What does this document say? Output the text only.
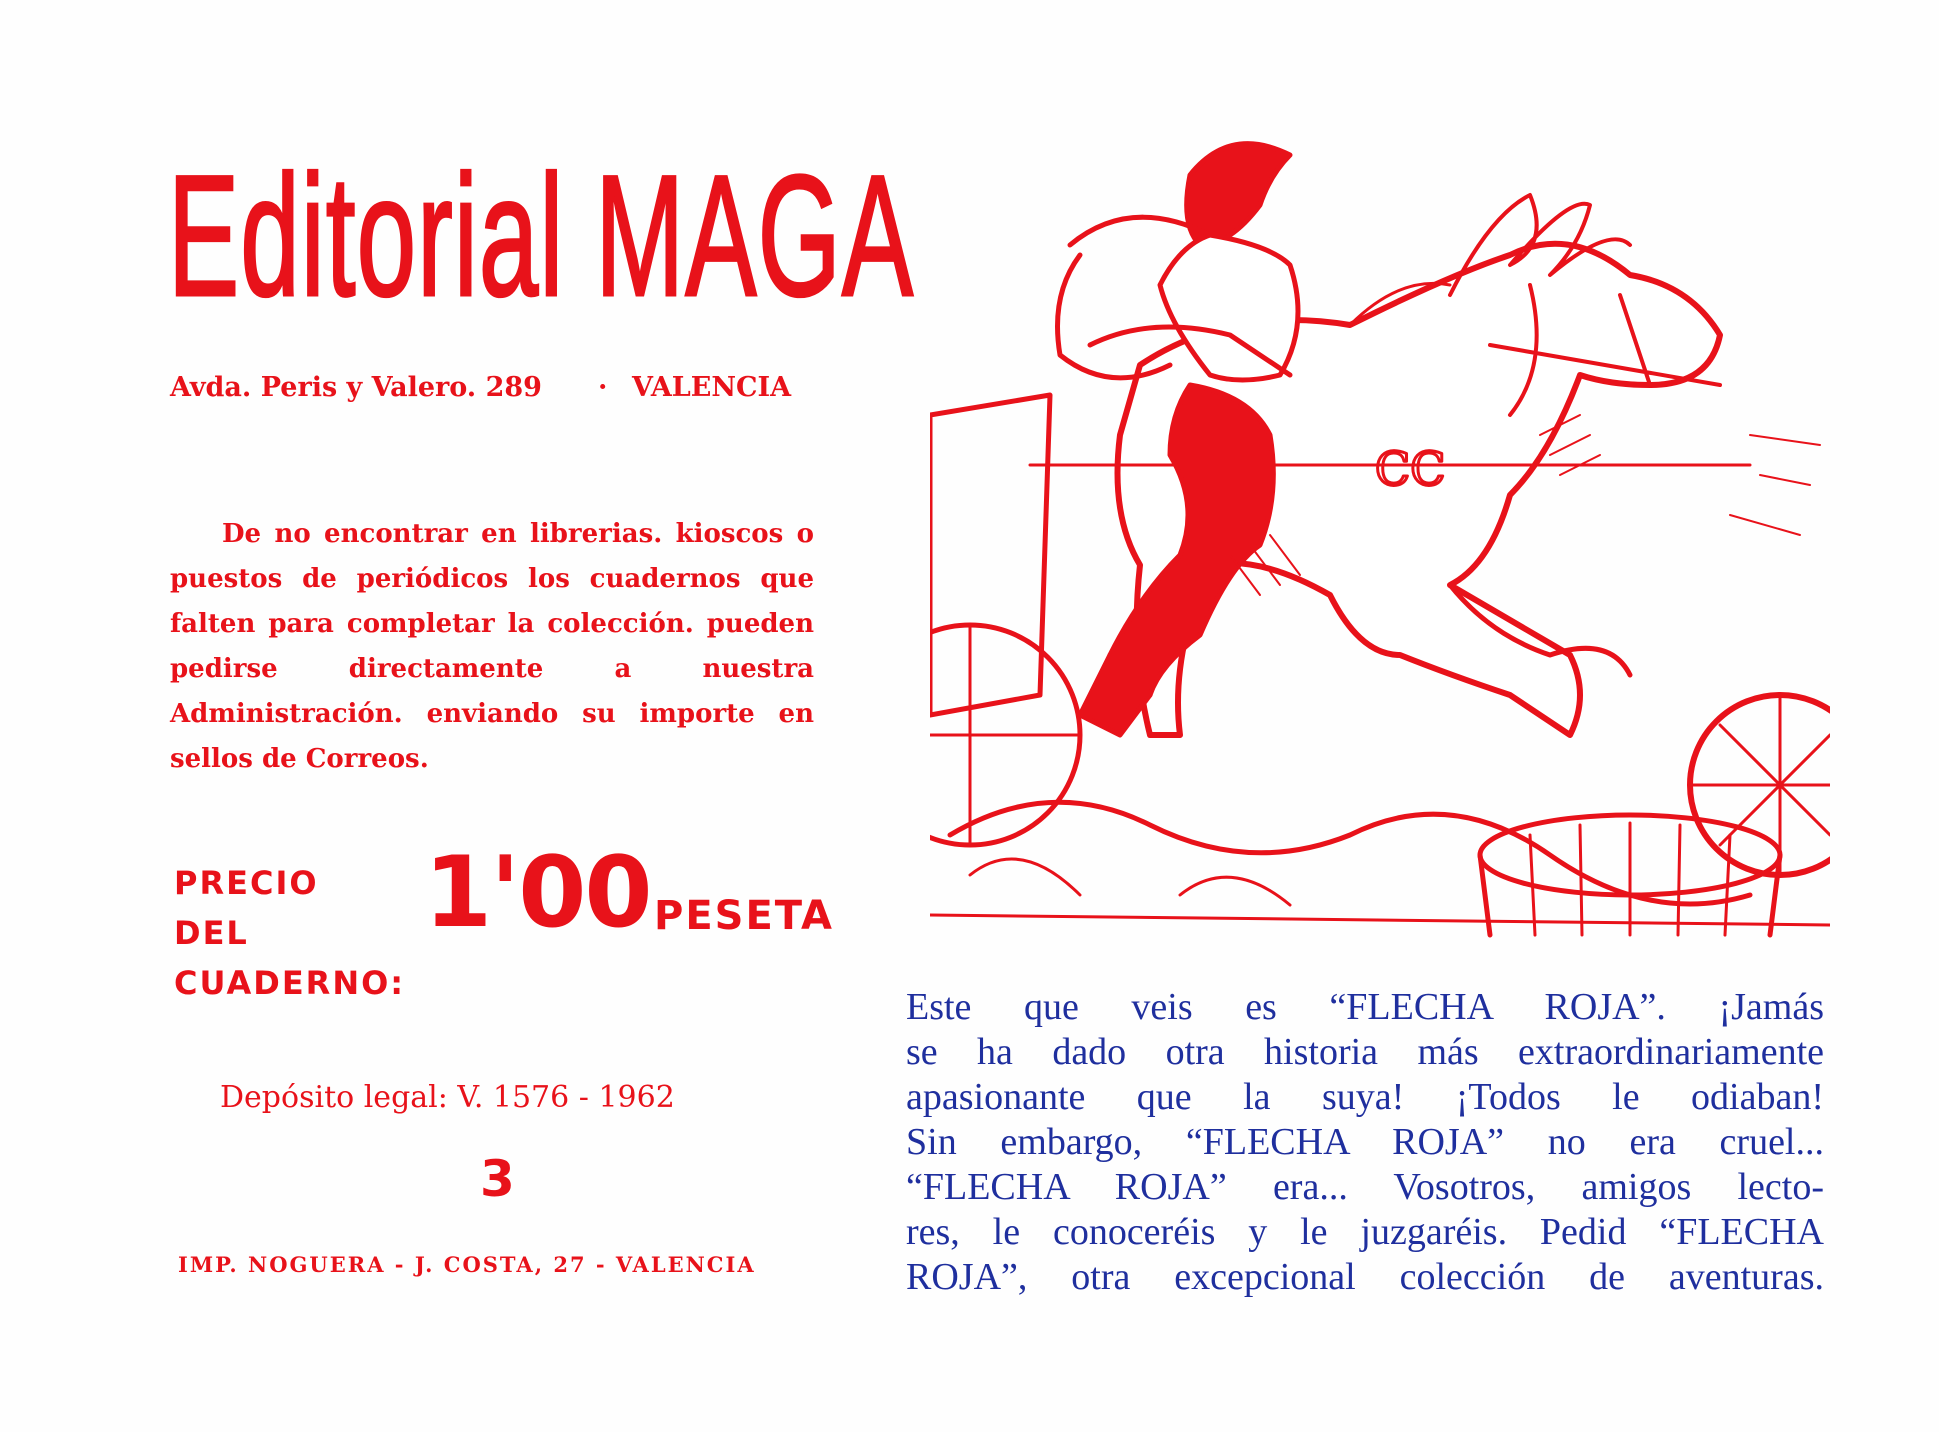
Editorial MAGA
Avda. Peris y Valero. 289 · VALENCIA
De no encontrar en librerias. kioscos o puestos de periódicos los cuadernos que falten para completar la colección. pueden pedirse directamente a nuestra Administración. enviando su importe en sellos de Correos.
PRECIO DEL
CUADERNO:
1'00 PESETA
Depósito legal: V. 1576 - 1962
3
IMP. NOGUERA - J. COSTA, 27 - VALENCIA
CC
Este que veis es “FLECHA ROJA”. ¡Jamás
se ha dado otra historia más extraordinariamente
apasionante que la suya! ¡Todos le odiaban!
Sin embargo, “FLECHA ROJA” no era cruel...
“FLECHA ROJA” era... Vosotros, amigos lecto-
res, le conoceréis y le juzgaréis. Pedid “FLECHA
ROJA”, otra excepcional colección de aventuras.
